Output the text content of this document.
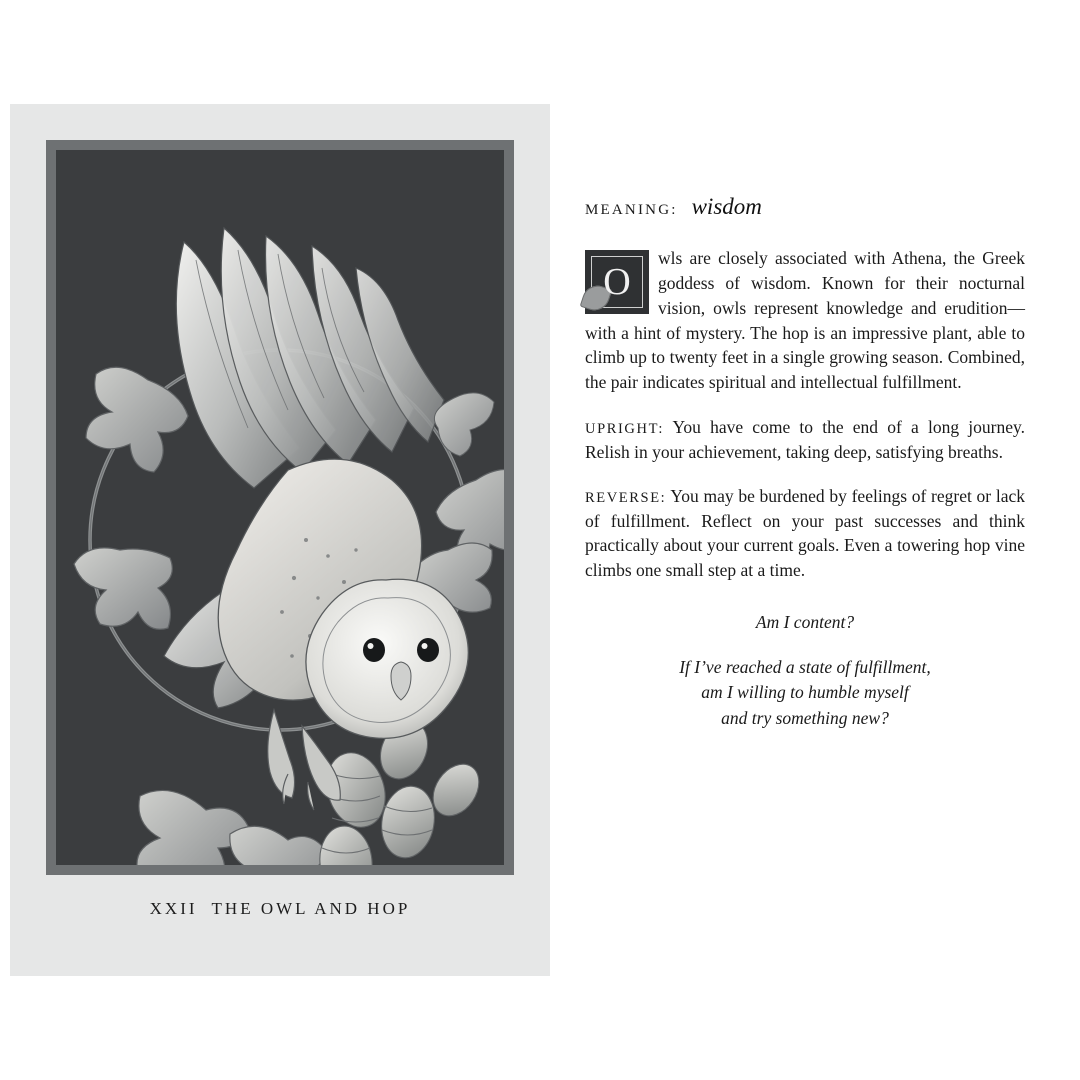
XXII THE OWL AND HOP
MEANING: wisdom
O
wls are closely associated with Athena, the Greek goddess of wisdom. Known for their nocturnal vision, owls represent knowledge and erudition—with a hint of mystery. The hop is an impressive plant, able to climb up to twenty feet in a single growing season. Combined, the pair indicates spiritual and intellectual fulfillment.
UPRIGHT: You have come to the end of a long journey. Relish in your achievement, taking deep, satisfying breaths.
REVERSE: You may be burdened by feelings of regret or lack of fulfillment. Reflect on your past successes and think practically about your current goals. Even a towering hop vine climbs one small step at a time.
Am I content?
If I’ve reached a state of fulfillment,
am I willing to humble myself
and try something new?
